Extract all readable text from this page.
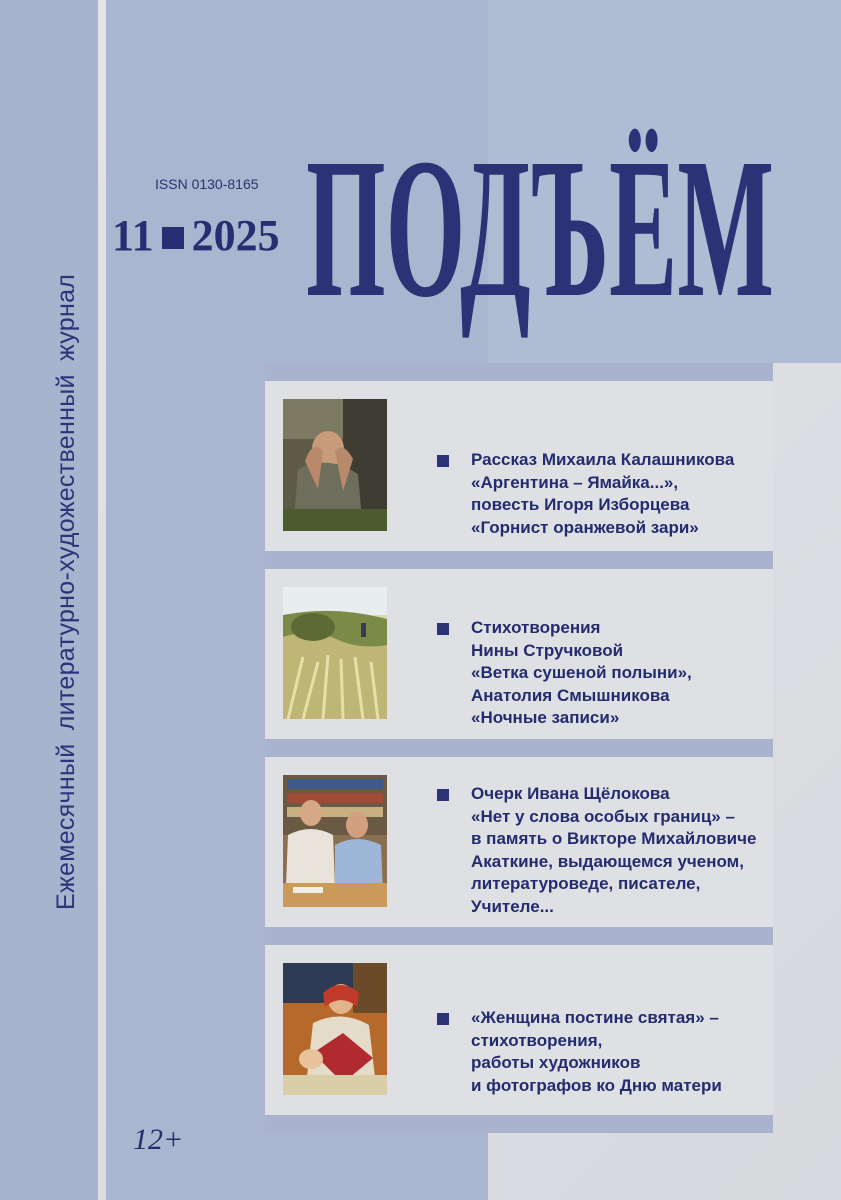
Ежемесячный литературно-художественный журнал
ISSN 0130-8165
11 2025 ПОДЪЁМ
Рассказ Михаила Калашникова
«Аргентина – Ямайка...»,
повесть Игоря Изборцева
«Горнист оранжевой зари»
Стихотворения
Нины Стручковой
«Ветка сушеной полыни»,
Анатолия Смышникова
«Ночные записи»
Очерк Ивана Щёлокова
«Нет у слова особых границ» –
в память о Викторе Михайловиче
Акаткине, выдающемся ученом,
литературоведе, писателе,
Учителе...
«Женщина постине святая» –
стихотворения,
работы художников
и фотографов ко Дню матери
12+
